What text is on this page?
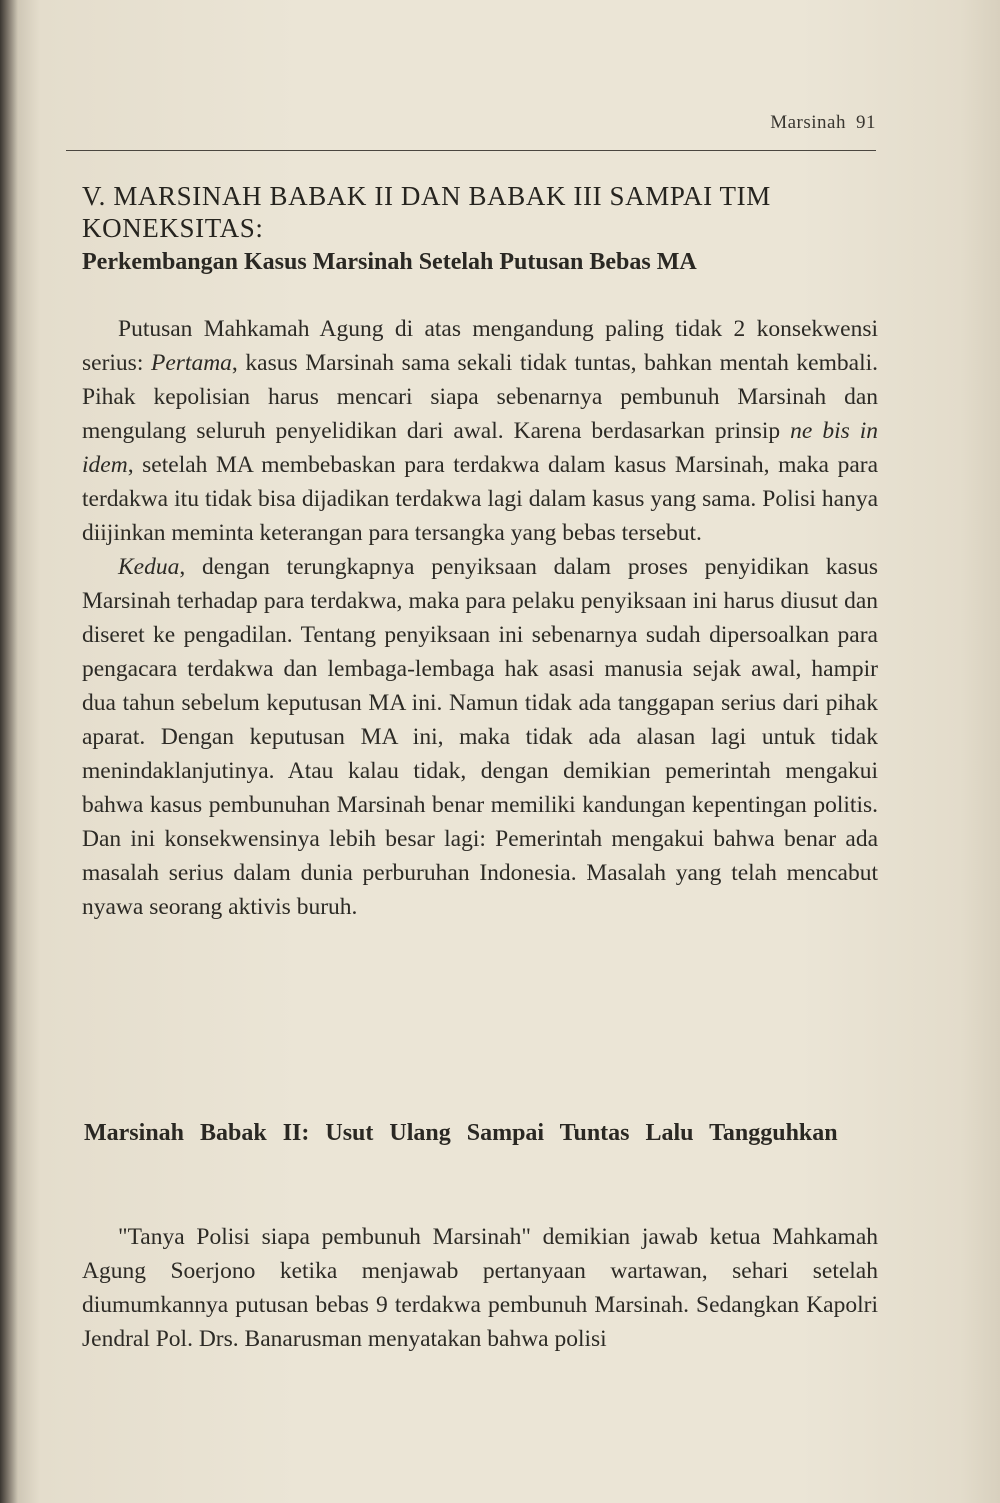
Marsinah 91
V. MARSINAH BABAK II DAN BABAK III SAMPAI TIM KONEKSITAS:
Perkembangan Kasus Marsinah Setelah Putusan Bebas MA

Putusan Mahkamah Agung di atas mengandung paling tidak 2 konsekwensi serius: Pertama, kasus Marsinah sama sekali tidak tuntas, bahkan mentah kembali. Pihak kepolisian harus mencari siapa sebenarnya pembunuh Marsinah dan mengulang seluruh penyelidikan dari awal. Karena berdasarkan prinsip ne bis in idem, setelah MA membebaskan para terdakwa dalam kasus Marsinah, maka para terdakwa itu tidak bisa dijadikan terdakwa lagi dalam kasus yang sama. Polisi hanya diijinkan meminta keterangan para tersangka yang bebas tersebut.

Kedua, dengan terungkapnya penyiksaan dalam proses penyidikan kasus Marsinah terhadap para terdakwa, maka para pelaku penyiksaan ini harus diusut dan diseret ke pengadilan. Tentang penyiksaan ini sebenarnya sudah dipersoalkan para pengacara terdakwa dan lembaga-lembaga hak asasi manusia sejak awal, hampir dua tahun sebelum keputusan MA ini. Namun tidak ada tanggapan serius dari pihak aparat. Dengan keputusan MA ini, maka tidak ada alasan lagi untuk tidak menindaklanjutinya. Atau kalau tidak, dengan demikian pemerintah mengakui bahwa kasus pembunuhan Marsinah benar memiliki kandungan kepentingan politis. Dan ini konsekwensinya lebih besar lagi: Pemerintah mengakui bahwa benar ada masalah serius dalam dunia perburuhan Indonesia. Masalah yang telah mencabut nyawa seorang aktivis buruh.

Marsinah Babak II: Usut Ulang Sampai Tuntas Lalu Tangguhkan

"Tanya Polisi siapa pembunuh Marsinah" demikian jawab ketua Mahkamah Agung Soerjono ketika menjawab pertanyaan wartawan, sehari setelah diumumkannya putusan bebas 9 terdakwa pembunuh Marsinah. Sedangkan Kapolri Jendral Pol. Drs. Banarusman menyatakan bahwa polisi
